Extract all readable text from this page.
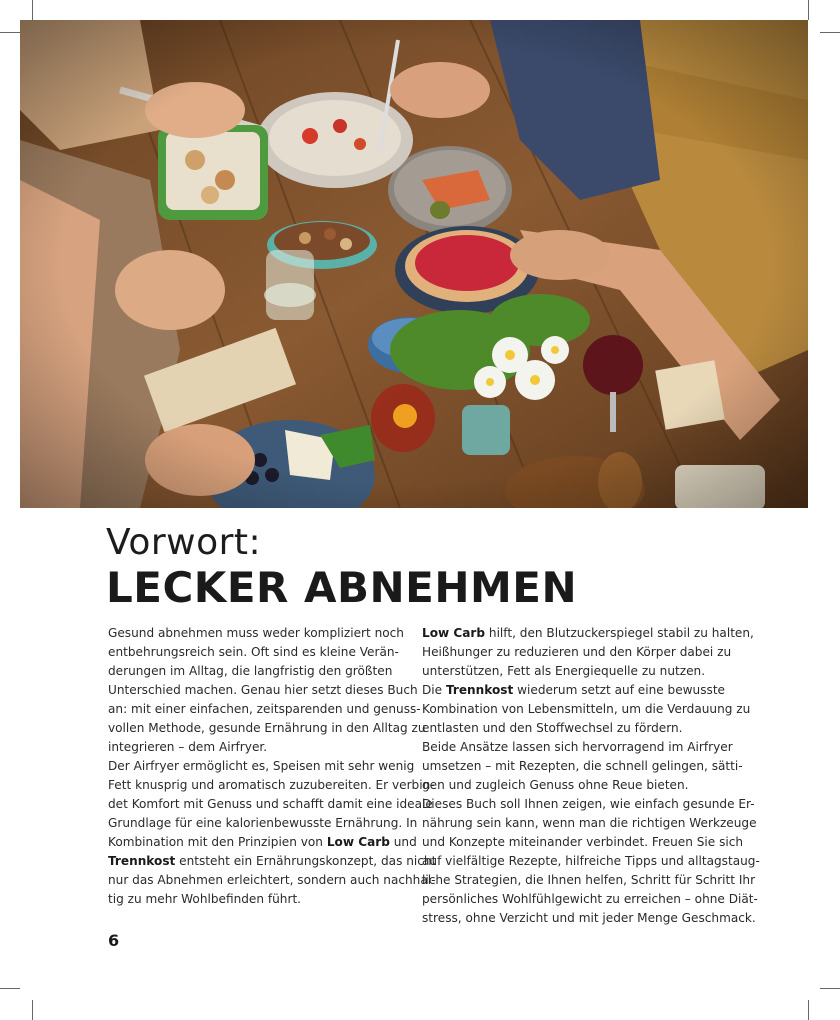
Vorwort:
LECKER ABNEHMEN
Gesund abnehmen muss weder kompliziert noch
entbehrungsreich sein. Oft sind es kleine Verän-
derungen im Alltag, die langfristig den größten
Unterschied machen. Genau hier setzt dieses Buch
an: mit einer einfachen, zeitsparenden und genuss-
vollen Methode, gesunde Ernährung in den Alltag zu
integrieren – dem Airfryer.
Der Airfryer ermöglicht es, Speisen mit sehr wenig
Fett knusprig und aromatisch zuzubereiten. Er verbin-
det Komfort mit Genuss und schafft damit eine ideale
Grundlage für eine kalorienbewusste Ernährung. In
Kombination mit den Prinzipien von Low Carb und
Trennkost entsteht ein Ernährungskonzept, das nicht
nur das Abnehmen erleichtert, sondern auch nachhal-
tig zu mehr Wohlbefinden führt.
Low Carb hilft, den Blutzuckerspiegel stabil zu halten,
Heißhunger zu reduzieren und den Körper dabei zu
unterstützen, Fett als Energiequelle zu nutzen.
Die Trennkost wiederum setzt auf eine bewusste
Kombination von Lebensmitteln, um die Verdauung zu
entlasten und den Stoffwechsel zu fördern.
Beide Ansätze lassen sich hervorragend im Airfryer
umsetzen – mit Rezepten, die schnell gelingen, sätti-
gen und zugleich Genuss ohne Reue bieten.
Dieses Buch soll Ihnen zeigen, wie einfach gesunde Er-
nährung sein kann, wenn man die richtigen Werkzeuge
und Konzepte miteinander verbindet. Freuen Sie sich
auf vielfältige Rezepte, hilfreiche Tipps und alltagstaug-
liche Strategien, die Ihnen helfen, Schritt für Schritt Ihr
persönliches Wohlfühlgewicht zu erreichen – ohne Diät-
stress, ohne Verzicht und mit jeder Menge Geschmack.
6
